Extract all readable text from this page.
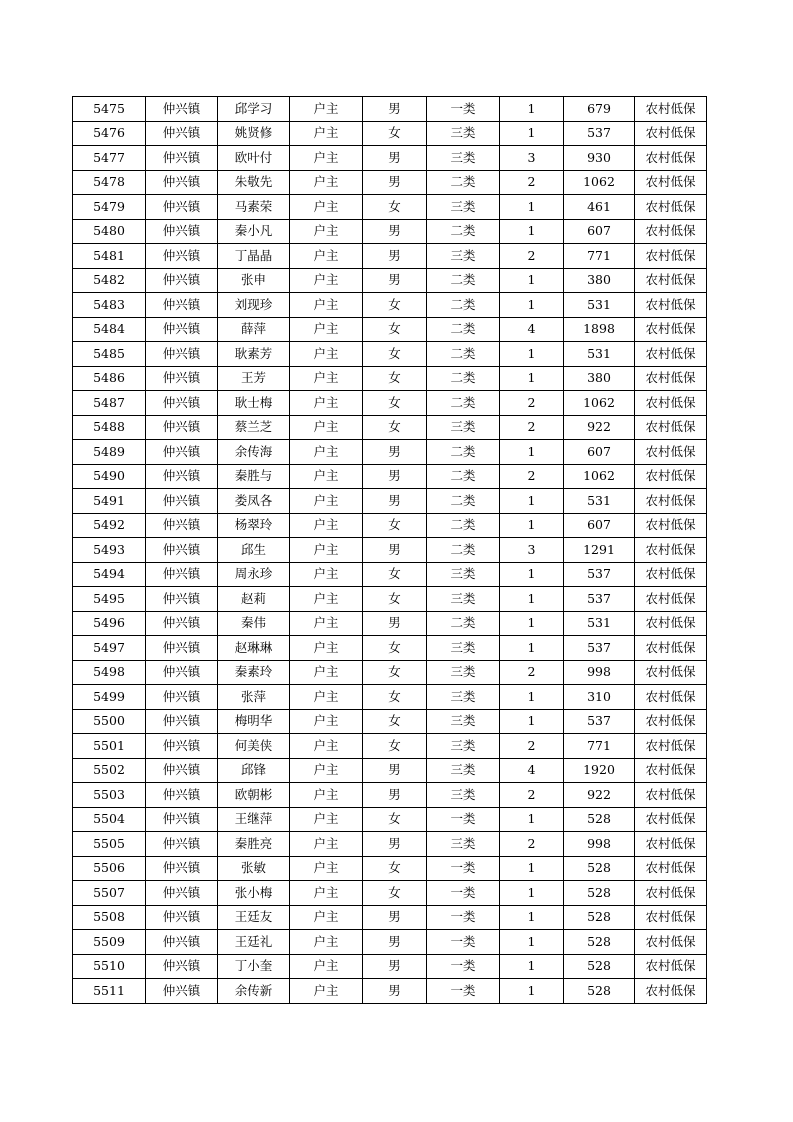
5475	仲兴镇	邱学习	户主	男	一类	1	679	农村低保
5476	仲兴镇	姚贤修	户主	女	三类	1	537	农村低保
5477	仲兴镇	欧叶付	户主	男	三类	3	930	农村低保
5478	仲兴镇	朱敬先	户主	男	二类	2	1062	农村低保
5479	仲兴镇	马素荣	户主	女	三类	1	461	农村低保
5480	仲兴镇	秦小凡	户主	男	二类	1	607	农村低保
5481	仲兴镇	丁晶晶	户主	男	三类	2	771	农村低保
5482	仲兴镇	张申	户主	男	二类	1	380	农村低保
5483	仲兴镇	刘现珍	户主	女	二类	1	531	农村低保
5484	仲兴镇	薛萍	户主	女	二类	4	1898	农村低保
5485	仲兴镇	耿素芳	户主	女	二类	1	531	农村低保
5486	仲兴镇	王芳	户主	女	二类	1	380	农村低保
5487	仲兴镇	耿士梅	户主	女	二类	2	1062	农村低保
5488	仲兴镇	蔡兰芝	户主	女	三类	2	922	农村低保
5489	仲兴镇	余传海	户主	男	二类	1	607	农村低保
5490	仲兴镇	秦胜与	户主	男	二类	2	1062	农村低保
5491	仲兴镇	娄凤各	户主	男	二类	1	531	农村低保
5492	仲兴镇	杨翠玲	户主	女	二类	1	607	农村低保
5493	仲兴镇	邱生	户主	男	二类	3	1291	农村低保
5494	仲兴镇	周永珍	户主	女	三类	1	537	农村低保
5495	仲兴镇	赵莉	户主	女	三类	1	537	农村低保
5496	仲兴镇	秦伟	户主	男	二类	1	531	农村低保
5497	仲兴镇	赵琳琳	户主	女	三类	1	537	农村低保
5498	仲兴镇	秦素玲	户主	女	三类	2	998	农村低保
5499	仲兴镇	张萍	户主	女	三类	1	310	农村低保
5500	仲兴镇	梅明华	户主	女	三类	1	537	农村低保
5501	仲兴镇	何美侠	户主	女	三类	2	771	农村低保
5502	仲兴镇	邱锋	户主	男	三类	4	1920	农村低保
5503	仲兴镇	欧朝彬	户主	男	三类	2	922	农村低保
5504	仲兴镇	王继萍	户主	女	一类	1	528	农村低保
5505	仲兴镇	秦胜亮	户主	男	三类	2	998	农村低保
5506	仲兴镇	张敏	户主	女	一类	1	528	农村低保
5507	仲兴镇	张小梅	户主	女	一类	1	528	农村低保
5508	仲兴镇	王廷友	户主	男	一类	1	528	农村低保
5509	仲兴镇	王廷礼	户主	男	一类	1	528	农村低保
5510	仲兴镇	丁小奎	户主	男	一类	1	528	农村低保
5511	仲兴镇	余传新	户主	男	一类	1	528	农村低保
